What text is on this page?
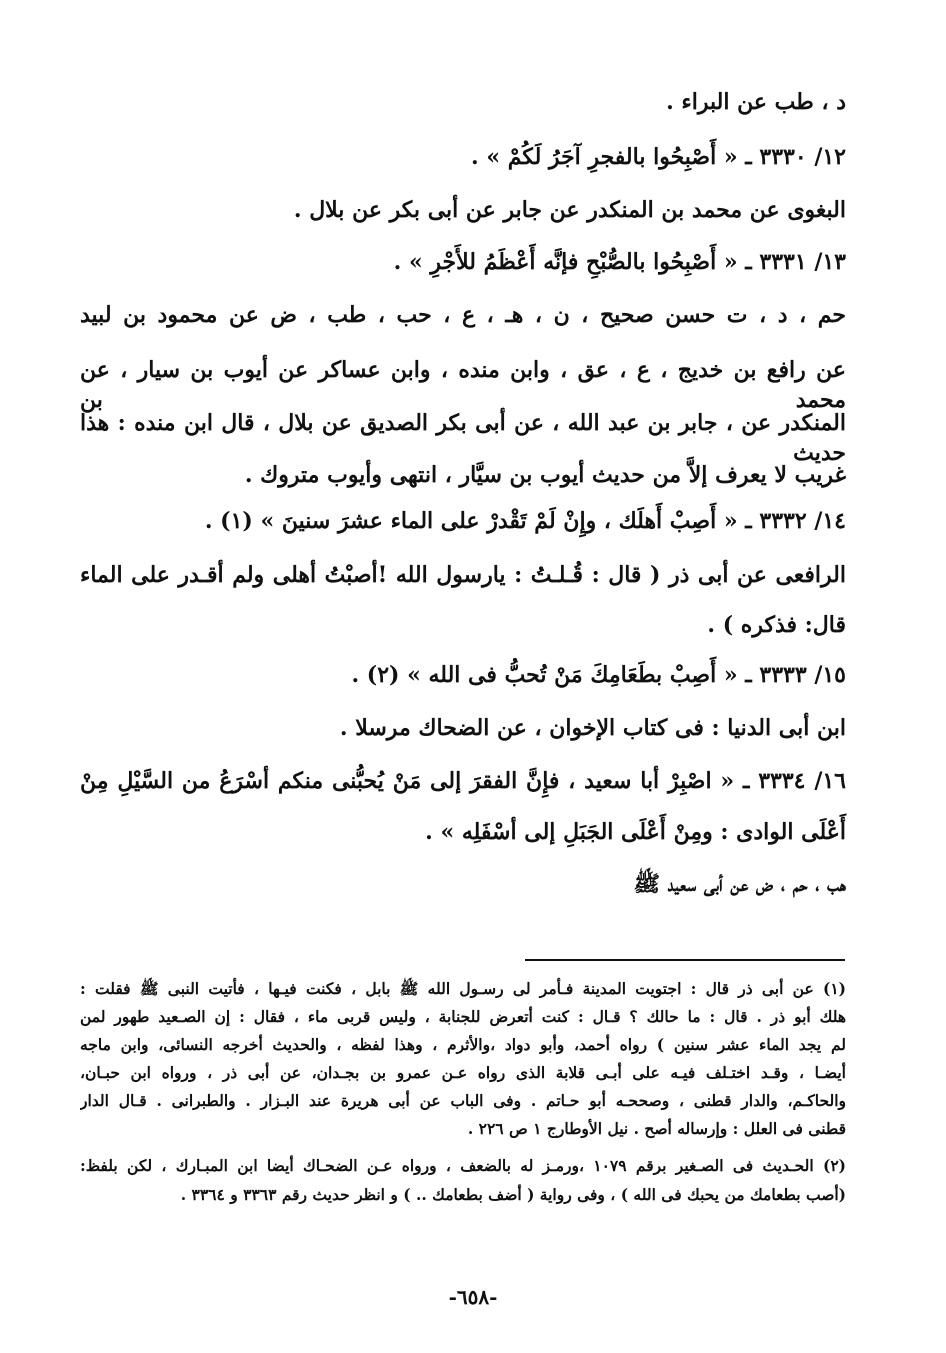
د ، طب عن البراء .
١٢/ ٣٣٣٠ ـ « أَصْبِحُوا بالفجرِ آجَرُ لَكُمْ » .
البغوى عن محمد بن المنكدر عن جابر عن أبى بكر عن بلال .
١٣/ ٣٣٣١ ـ « أَصْبِحُوا بالصُّبْحِ فإنَّه أَعْظَمُ للأَجْرِ » .
حم ، د ، ت حسن صحيح ، ن ، هـ ، ع ، حب ، طب ، ض عن محمود بن لبيد
عن رافع بن خديج ، ع ، عق ، وابن منده ، وابن عساكر عن أيوب بن سيار ، عن محمد بن
المنكدر عن ، جابر بن عبد الله ، عن أبى بكر الصديق عن بلال ، قال ابن منده : هذا حديث
غريب لا يعرف إلاَّ من حديث أيوب بن سيَّار ، انتهى وأيوب متروك .
١٤/ ٣٣٣٢ ـ « أَصِبْ أَهلَك ، وإِنْ لَمْ تَقْدرْ على الماء عشرَ سنينَ » (١) .
الرافعى عن أبى ذر ( قال : قُـلـتُ : يارسول الله !أصبْتُ أهلى ولم أقـدر على الماء
قال: فذكره ) .
١٥/ ٣٣٣٣ ـ « أَصِبْ بطَعَامِكَ مَنْ تُحبُّ فى الله » (٢) .
ابن أبى الدنيا : فى كتاب الإخوان ، عن الضحاك مرسلا .
١٦/ ٣٣٣٤ ـ « اصْبِرْ أبا سعيد ، فإِنَّ الفقرَ إلى مَنْ يُحبُّنى منكم أسْرَعُ من السَّيْلِ مِنْ
أَعْلَى الوادى : ومِنْ أَعْلَى الجَبَلِ إلى أسْفَلِه » .
هب ، حم ، ض عن أبى سعيد ﷺ
(١) عن أبى ذر قال : اجتويت المدينة فـأمر لى رسـول الله ﷺ بابل ، فكنت فيـها ، فأتيت النبى ﷺ فقلت :
هلك أبو ذر . قال : ما حالك ؟ قـال : كنت أتعرض للجنابة ، وليس قربى ماء ، فقال : إن الصـعيد طهور لمن
لم يجد الماء عشر سنين ) رواه أحمد، وأبو دواد ،والأثرم ، وهذا لفظه ، والحديث أخرجه النسائى، وابن ماجه
أيضـا ، وقـد اختـلف فيـه على أبـى قلابة الذى رواه عـن عمرو بن بجـدان، عن أبى ذر ، ورواه ابن حبـان،
والحاكـم، والدار قطنى ، وصححـه أبو حـاتم . وفى الباب عن أبى هريرة عند البـزار . والطبرانى . قـال الدار
قطنى فى العلل : وإرساله أصح . نيل الأوطارج ١ ص ٢٢٦ .
(٢) الحـديث فى الصـغير برقم ١٠٧٩ ،ورمـز له بالضعف ، ورواه عـن الضحـاك أيضا ابن المبـارك ، لكن بلفظ:
(أصب بطعامك من يحبك فى الله ) ، وفى رواية ( أضف بطعامك .. ) و انظر حديث رقم ٣٣٦٣ و ٣٣٦٤ .
-٦٥٨-
